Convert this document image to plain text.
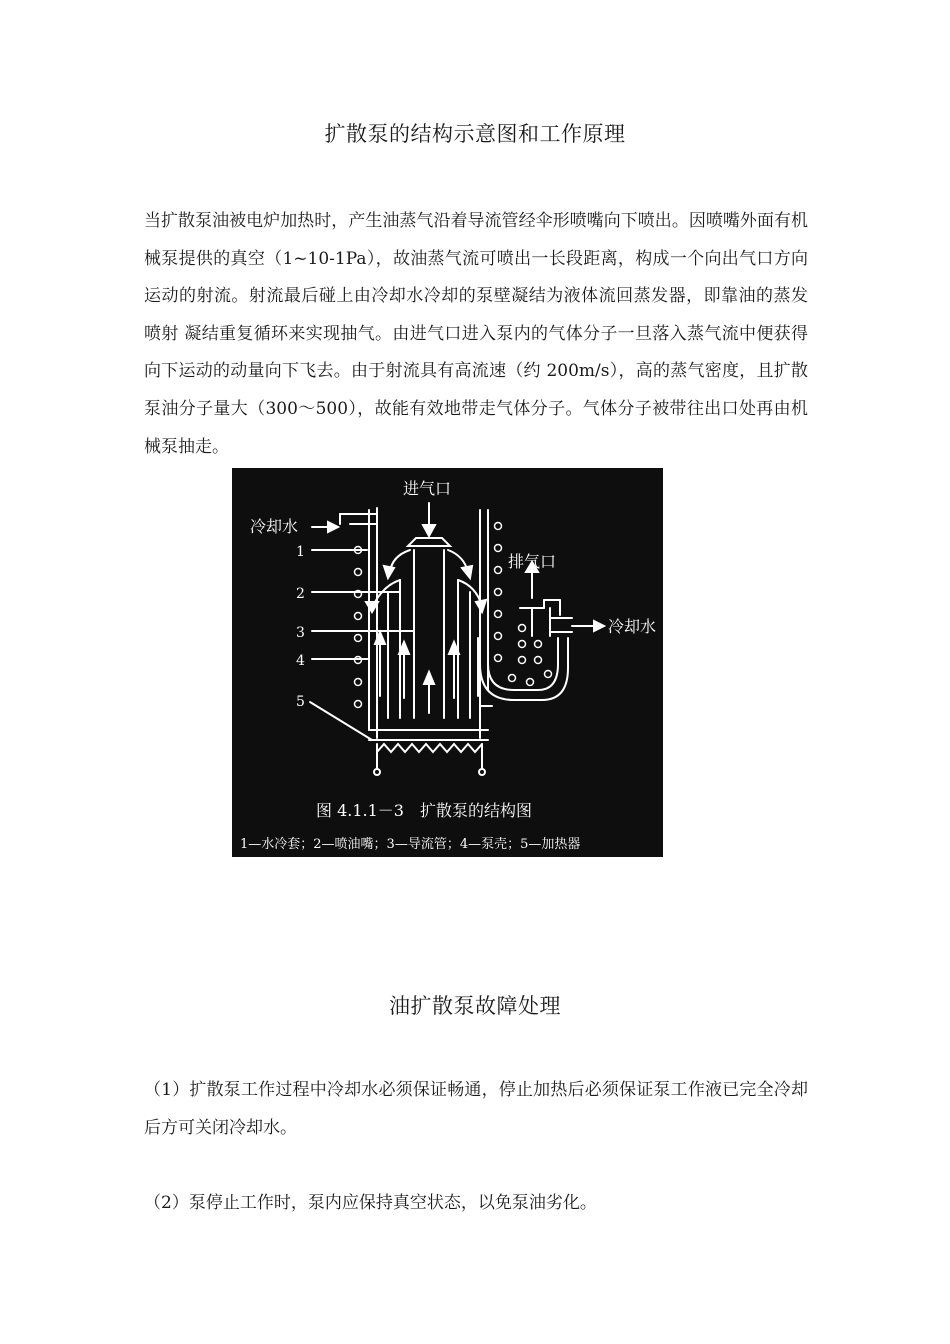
扩散泵的结构示意图和工作原理
当扩散泵油被电炉加热时，产生油蒸气沿着导流管经伞形喷嘴向下喷出。因喷嘴外面有机械泵提供的真空（1~10-1Pa），故油蒸气流可喷出一长段距离，构成一个向出气口方向运动的射流。射流最后碰上由冷却水冷却的泵壁凝结为液体流回蒸发器，即靠油的蒸发 喷射 凝结重复循环来实现抽气。由进气口进入泵内的气体分子一旦落入蒸气流中便获得向下运动的动量向下飞去。由于射流具有高流速（约 200m/s），高的蒸气密度，且扩散泵油分子量大（300～500），故能有效地带走气体分子。气体分子被带往出口处再由机械泵抽走。
进气口
冷却水
排气口
冷却水
1
2
3
4
5
图 4.1.1－3　扩散泵的结构图
1—水冷套；2—喷油嘴；3—导流管；4—泵壳；5—加热器
油扩散泵故障处理
（1）扩散泵工作过程中冷却水必须保证畅通，停止加热后必须保证泵工作液已完全冷却后方可关闭冷却水。
（2）泵停止工作时，泵内应保持真空状态，以免泵油劣化。
